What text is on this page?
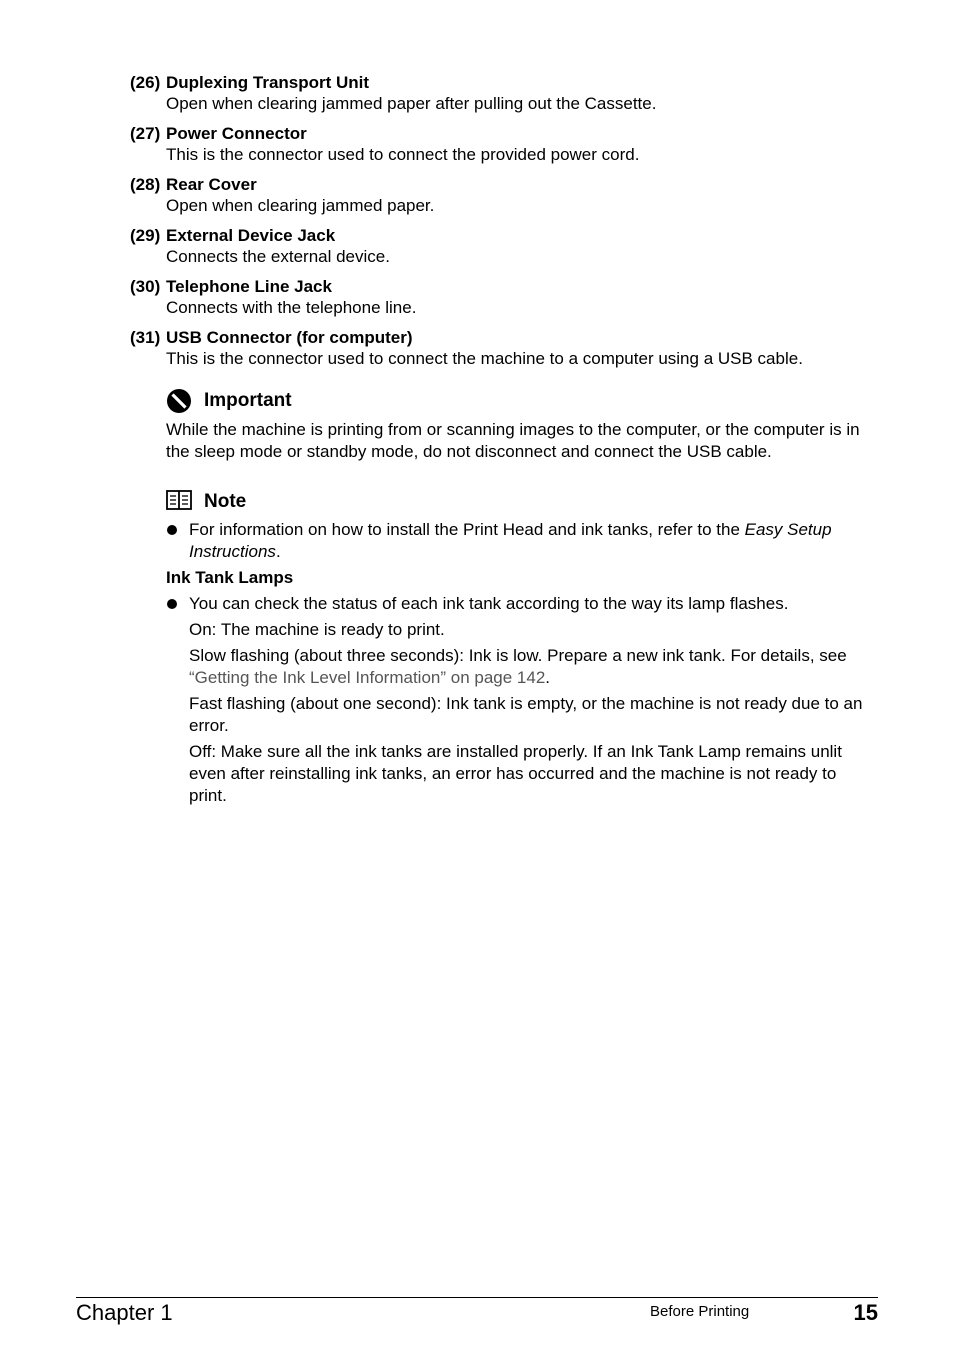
(26) Duplexing Transport Unit
Open when clearing jammed paper after pulling out the Cassette.
(27) Power Connector
This is the connector used to connect the provided power cord.
(28) Rear Cover
Open when clearing jammed paper.
(29) External Device Jack
Connects the external device.
(30) Telephone Line Jack
Connects with the telephone line.
(31) USB Connector (for computer)
This is the connector used to connect the machine to a computer using a USB cable.
Important
While the machine is printing from or scanning images to the computer, or the computer is in the sleep mode or standby mode, do not disconnect and connect the USB cable.
Note
For information on how to install the Print Head and ink tanks, refer to the Easy Setup Instructions.
Ink Tank Lamps
You can check the status of each ink tank according to the way its lamp flashes.
On: The machine is ready to print.
Slow flashing (about three seconds): Ink is low. Prepare a new ink tank. For details, see “Getting the Ink Level Information” on page 142.
Fast flashing (about one second): Ink tank is empty, or the machine is not ready due to an error.
Off: Make sure all the ink tanks are installed properly. If an Ink Tank Lamp remains unlit even after reinstalling ink tanks, an error has occurred and the machine is not ready to print.
Chapter 1	Before Printing	15
